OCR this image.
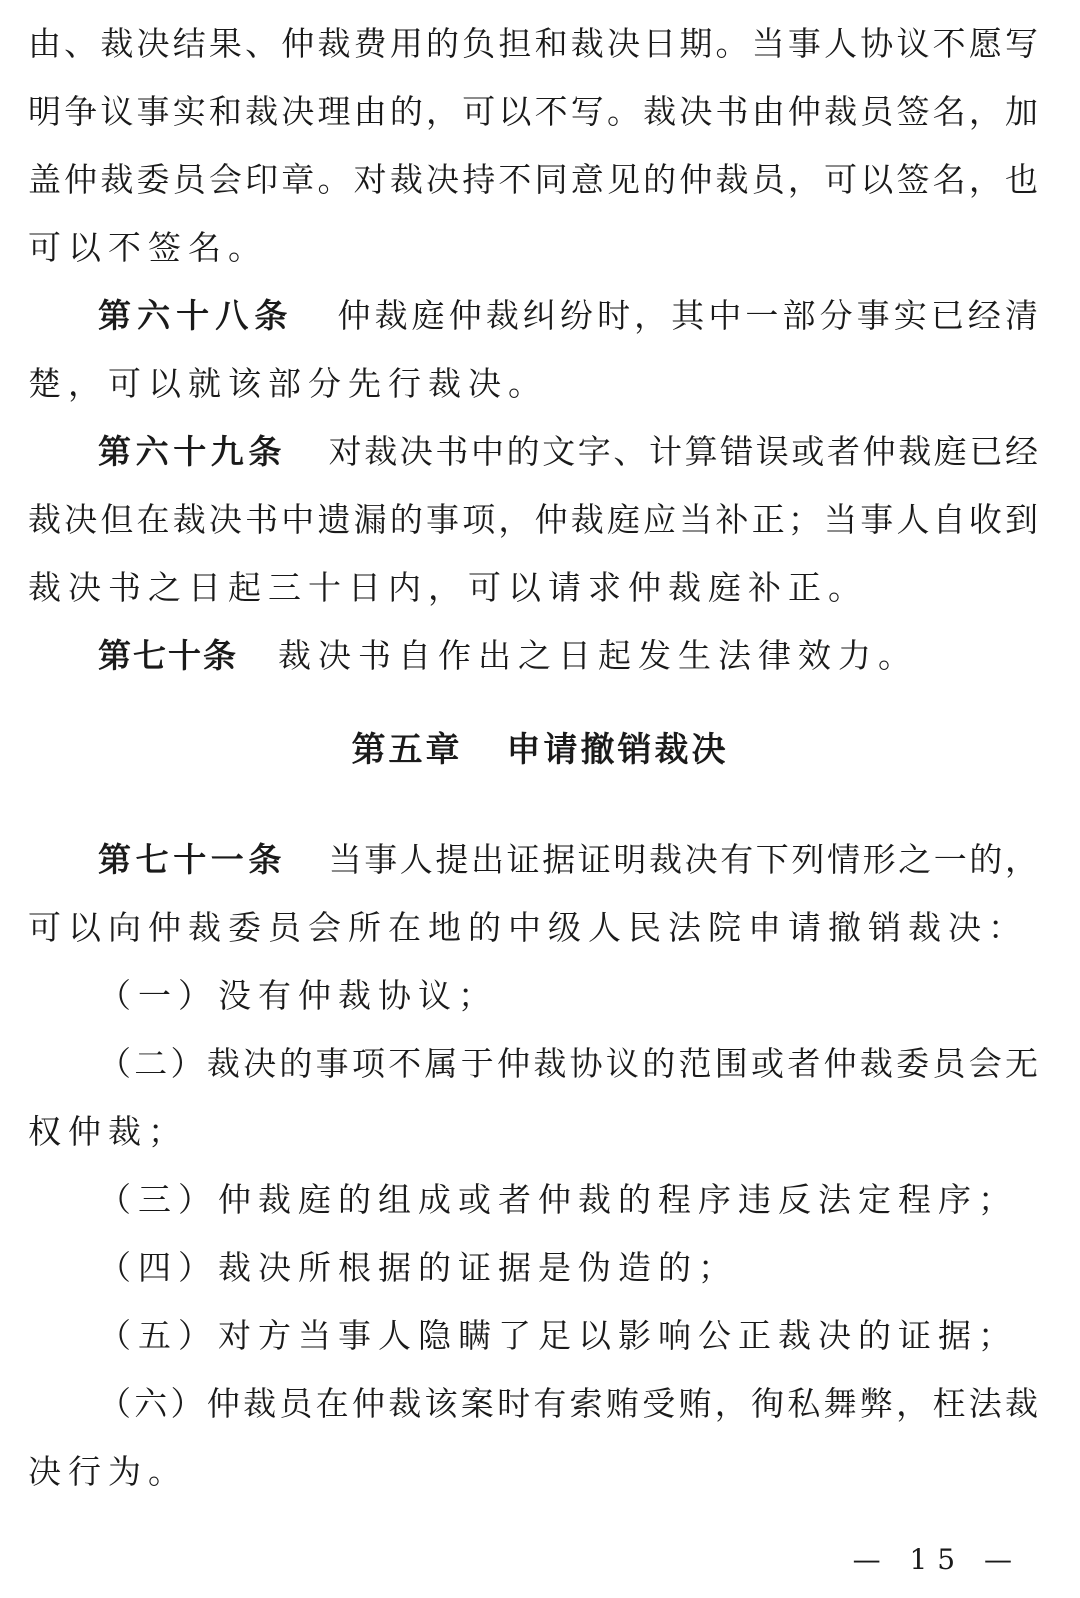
由、裁决结果、仲裁费用的负担和裁决日期。当事人协议不愿写
明争议事实和裁决理由的，可以不写。裁决书由仲裁员签名，加
盖仲裁委员会印章。对裁决持不同意见的仲裁员，可以签名，也
可以不签名。
第六十八条 仲裁庭仲裁纠纷时，其中一部分事实已经清
楚，可以就该部分先行裁决。
第六十九条 对裁决书中的文字、计算错误或者仲裁庭已经
裁决但在裁决书中遗漏的事项，仲裁庭应当补正；当事人自收到
裁决书之日起三十日内，可以请求仲裁庭补正。
第七十条 裁决书自作出之日起发生法律效力。
第五章 申请撤销裁决
第七十一条 当事人提出证据证明裁决有下列情形之一的，
可以向仲裁委员会所在地的中级人民法院申请撤销裁决：
（一）没有仲裁协议；
（二）裁决的事项不属于仲裁协议的范围或者仲裁委员会无
权仲裁；
（三）仲裁庭的组成或者仲裁的程序违反法定程序；
（四）裁决所根据的证据是伪造的；
（五）对方当事人隐瞒了足以影响公正裁决的证据；
（六）仲裁员在仲裁该案时有索贿受贿，徇私舞弊，枉法裁
决行为。
— 15 —
